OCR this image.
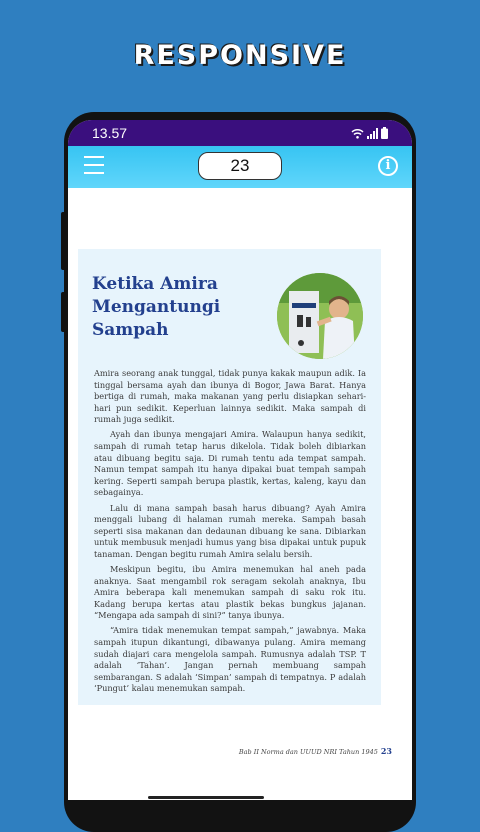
RESPONSIVE
13.57
23	i
Ketika Amira Mengantungi Sampah

Amira seorang anak tunggal, tidak punya kakak maupun adik. Ia tinggal bersama ayah dan ibunya di Bogor, Jawa Barat. Hanya bertiga di rumah, maka makanan yang perlu disiapkan sehari-hari pun sedikit. Keperluan lainnya sedikit. Maka sampah di rumah juga sedikit.

Ayah dan ibunya mengajari Amira. Walaupun hanya sedikit, sampah di rumah tetap harus dikelola. Tidak boleh dibiarkan atau dibuang begitu saja. Di rumah tentu ada tempat sampah. Namun tempat sampah itu hanya dipakai buat tempah sampah kering. Seperti sampah berupa plastik, kertas, kaleng, kayu dan sebagainya.

Lalu di mana sampah basah harus dibuang? Ayah Amira menggali lubang di halaman rumah mereka. Sampah basah seperti sisa makanan dan dedaunan dibuang ke sana. Dibiarkan untuk membusuk menjadi humus yang bisa dipakai untuk pupuk tanaman. Dengan begitu rumah Amira selalu bersih.

Meskipun begitu, ibu Amira menemukan hal aneh pada anaknya. Saat mengambil rok seragam sekolah anaknya, Ibu Amira beberapa kali menemukan sampah di saku rok itu. Kadang berupa kertas atau plastik bekas bungkus jajanan. “Mengapa ada sampah di sini?” tanya ibunya.

“Amira tidak menemukan tempat sampah,” jawabnya. Maka sampah itupun dikantungi, dibawanya pulang. Amira memang sudah diajari cara mengelola sampah. Rumusnya adalah TSP. T adalah ‘Tahan’. Jangan pernah membuang sampah sembarangan. S adalah ‘Simpan’ sampah di tempatnya. P adalah ‘Pungut’ kalau menemukan sampah.

Bab II Norma dan UUUD NRI Tahun 1945 23
